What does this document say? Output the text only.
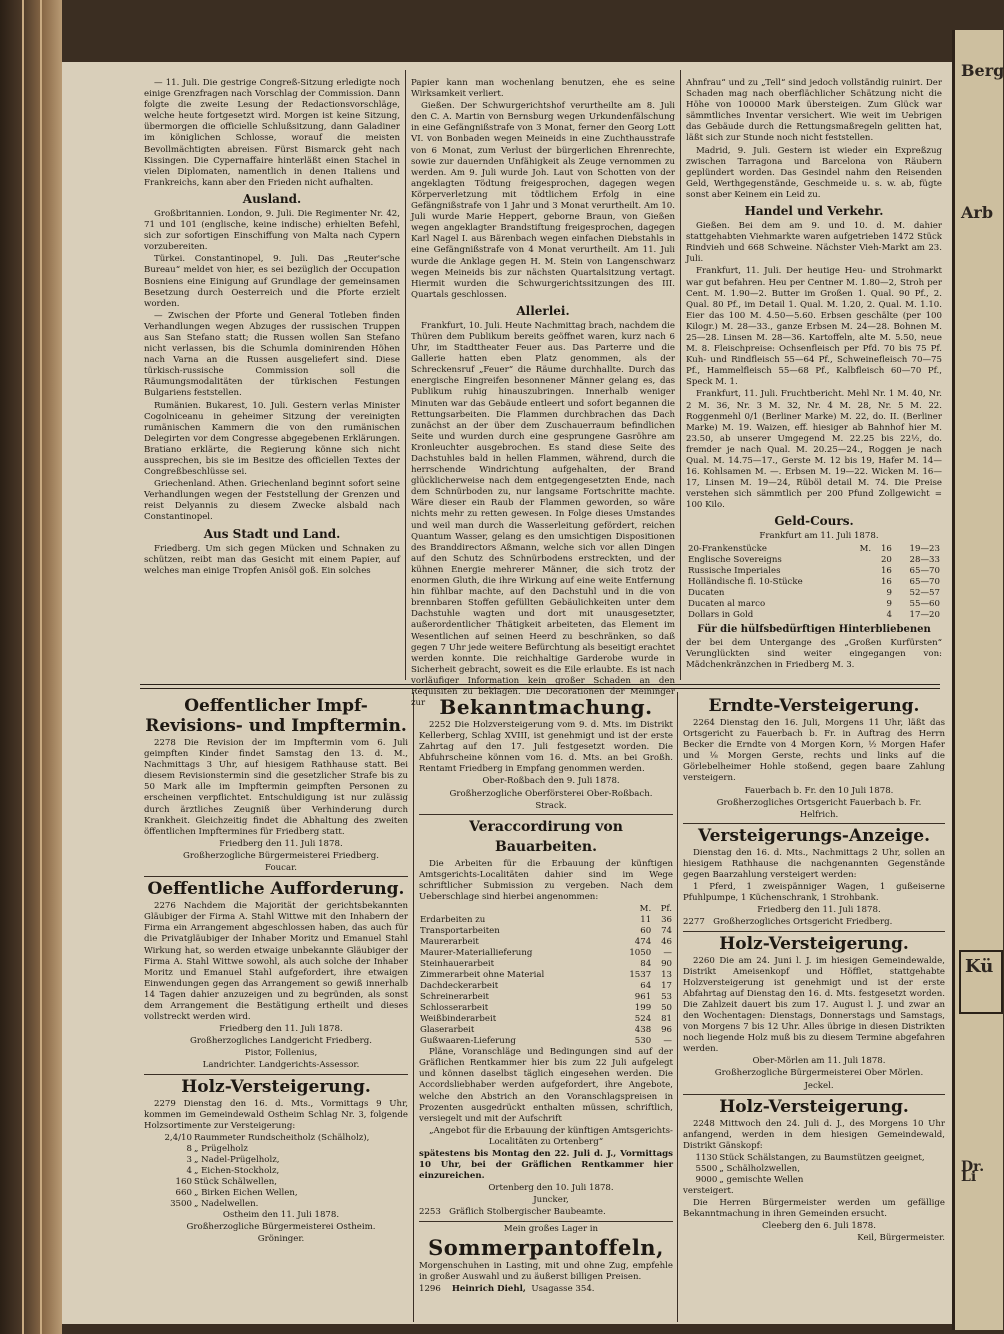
— 11. Juli. Die gestrige Congreß-Sitzung erledigte noch einige Grenzfragen nach Vorschlag der Commission. Dann folgte die zweite Lesung der Redactionsvorschläge, welche heute fortgesetzt wird. Morgen ist keine Sitzung, übermorgen die officielle Schlußsitzung, dann Galadiner im königlichen Schlosse, worauf die meisten Bevollmächtigten abreisen. Fürst Bismarck geht nach Kissingen. Die Cypernaffaire hinterläßt einen Stachel in vielen Diplomaten, namentlich in denen Italiens und Frankreichs, kann aber den Frieden nicht aufhalten.

Ausland.

Großbritannien. London, 9. Juli. Die Regimenter Nr. 42, 71 und 101 (englische, keine indische) erhielten Befehl, sich zur sofortigen Einschiffung von Malta nach Cypern vorzubereiten.

Türkei. Constantinopel, 9. Juli. Das „Reuter'sche Bureau“ meldet von hier, es sei bezüglich der Occupation Bosniens eine Einigung auf Grundlage der gemeinsamen Besetzung durch Oesterreich und die Pforte erzielt worden.

— Zwischen der Pforte und General Totleben finden Verhandlungen wegen Abzuges der russischen Truppen aus San Stefano statt; die Russen wollen San Stefano nicht verlassen, bis die Schumla dominirenden Höhen nach Varna an die Russen ausgeliefert sind. Diese türkisch-russische Commission soll die Räumungsmodalitäten der türkischen Festungen Bulgariens feststellen.

Rumänien. Bukarest, 10. Juli. Gestern verlas Minister Cogolniceanu in geheimer Sitzung der vereinigten rumänischen Kammern die von den rumänischen Delegirten vor dem Congresse abgegebenen Erklärungen. Bratiano erklärte, die Regierung könne sich nicht aussprechen, bis sie im Besitze des officiellen Textes der Congreßbeschlüsse sei.

Griechenland. Athen. Griechenland beginnt sofort seine Verhandlungen wegen der Feststellung der Grenzen und reist Delyannis zu diesem Zwecke alsbald nach Constantinopel.

Aus Stadt und Land.

Friedberg. Um sich gegen Mücken und Schnaken zu schützen, reibt man das Gesicht mit einem Papier, auf welches man einige Tropfen Anisöl goß. Ein solches

Papier kann man wochenlang benutzen, ehe es seine Wirksamkeit verliert.

Gießen. Der Schwurgerichtshof verurtheilte am 8. Juli den C. A. Martin von Bernsburg wegen Urkundenfälschung in eine Gefängnißstrafe von 3 Monat, ferner den Georg Lott VI. von Bonbaden wegen Meineids in eine Zuchthausstrafe von 6 Monat, zum Verlust der bürgerlichen Ehrenrechte, sowie zur dauernden Unfähigkeit als Zeuge vernommen zu werden. Am 9. Juli wurde Joh. Laut von Schotten von der angeklagten Tödtung freigesprochen, dagegen wegen Körperverletzung mit tödtlichem Erfolg in eine Gefängnißstrafe von 1 Jahr und 3 Monat verurtheilt. Am 10. Juli wurde Marie Heppert, geborne Braun, von Gießen wegen angeklagter Brandstiftung freigesprochen, dagegen Karl Nagel I. aus Bärenbach wegen einfachen Diebstahls in eine Gefängnißstrafe von 4 Monat verurtheilt. Am 11. Juli wurde die Anklage gegen H. M. Stein von Langenschwarz wegen Meineids bis zur nächsten Quartalsitzung vertagt. Hiermit wurden die Schwurgerichtssitzungen des III. Quartals geschlossen.

Allerlei.

Frankfurt, 10. Juli. Heute Nachmittag brach, nachdem die Thüren dem Publikum bereits geöffnet waren, kurz nach 6 Uhr, im Stadttheater Feuer aus. Das Parterre und die Gallerie hatten eben Platz genommen, als der Schreckensruf „Feuer“ die Räume durchhallte. Durch das energische Eingreifen besonnener Männer gelang es, das Publikum ruhig hinauszubringen. Innerhalb weniger Minuten war das Gebäude entleert und sofort begannen die Rettungsarbeiten. Die Flammen durchbrachen das Dach zunächst an der über dem Zuschauerraum befindlichen Seite und wurden durch eine gesprungene Gasröhre am Kronleuchter ausgebrochen. Es stand diese Seite des Dachstuhles bald in hellen Flammen, während, durch die herrschende Windrichtung aufgehalten, der Brand glücklicherweise nach dem entgegengesetzten Ende, nach dem Schnürboden zu, nur langsame Fortschritte machte. Wäre dieser ein Raub der Flammen geworden, so wäre nichts mehr zu retten gewesen. In Folge dieses Umstandes und weil man durch die Wasserleitung gefördert, reichen Quantum Wasser, gelang es den umsichtigen Dispositionen des Branddirectors Aßmann, welche sich vor allen Dingen auf den Schutz des Schnürbodens erstreckten, und der kühnen Energie mehrerer Männer, die sich trotz der enormen Gluth, die ihre Wirkung auf eine weite Entfernung hin fühlbar machte, auf den Dachstuhl und in die von brennbaren Stoffen gefüllten Gebäulichkeiten unter dem Dachstuhle wagten und dort mit unausgesetzter, außerordentlicher Thätigkeit arbeiteten, das Element im Wesentlichen auf seinen Heerd zu beschränken, so daß gegen 7 Uhr jede weitere Befürchtung als beseitigt erachtet werden konnte. Die reichhaltige Garderobe wurde in Sicherheit gebracht, soweit es die Eile erlaubte. Es ist nach vorläufiger Information kein großer Schaden an den Requisiten zu beklagen. Die Decorationen der Meininger zur

Ahnfrau“ und zu „Tell“ sind jedoch vollständig ruinirt. Der Schaden mag nach oberflächlicher Schätzung nicht die Höhe von 100000 Mark übersteigen. Zum Glück war sämmtliches Inventar versichert. Wie weit im Uebrigen das Gebäude durch die Rettungsmaßregeln gelitten hat, läßt sich zur Stunde noch nicht feststellen.

Madrid, 9. Juli. Gestern ist wieder ein Expreßzug zwischen Tarragona und Barcelona von Räubern geplündert worden. Das Gesindel nahm den Reisenden Geld, Werthgegenstände, Geschmeide u. s. w. ab, fügte sonst aber Keinem ein Leid zu.

Handel und Verkehr.

Gießen. Bei dem am 9. und 10. d. M. dahier stattgehabten Viehmarkte waren aufgetrieben 1472 Stück Rindvieh und 668 Schweine. Nächster Vieh-Markt am 23. Juli.

Frankfurt, 11. Juli. Der heutige Heu- und Strohmarkt war gut befahren. Heu per Centner M. 1.80—2, Stroh per Cent. M. 1.90—2. Butter im Großen 1. Qual. 90 Pf., 2. Qual. 80 Pf., im Detail 1. Qual. M. 1.20, 2. Qual. M. 1.10. Eier das 100 M. 4.50—5.60. Erbsen geschälte (per 100 Kilogr.) M. 28—33., ganze Erbsen M. 24—28. Bohnen M. 25—28. Linsen M. 28—36. Kartoffeln, alte M. 5.50, neue M. 8. Fleischpreise: Ochsenfleisch per Pfd. 70 bis 75 Pf. Kuh- und Rindfleisch 55—64 Pf., Schweinefleisch 70—75 Pf., Hammelfleisch 55—68 Pf., Kalbfleisch 60—70 Pf., Speck M. 1.

Frankfurt, 11. Juli. Fruchtbericht. Mehl Nr. 1 M. 40, Nr. 2 M. 36, Nr. 3 M. 32, Nr. 4 M. 28, Nr. 5 M. 22. Roggenmehl 0/1 (Berliner Marke) M. 22, do. II. (Berliner Marke) M. 19. Waizen, eff. hiesiger ab Bahnhof hier M. 23.50, ab unserer Umgegend M. 22.25 bis 22½, do. fremder je nach Qual. M. 20.25—24., Roggen je nach Qual. M. 14.75—17., Gerste M. 12 bis 19, Hafer M. 14—16. Kohlsamen M. —. Erbsen M. 19—22. Wicken M. 16—17, Linsen M. 19—24, Rüböl detail M. 74. Die Preise verstehen sich sämmtlich per 200 Pfund Zollgewicht = 100 Kilo.

Geld-Cours.

Frankfurt am 11. Juli 1878.

20-Frankenstücke	M.	16	19—23
Englische Sovereigns		20	28—33
Russische Imperiales		16	65—70
Holländische fl. 10-Stücke		16	65—70
Ducaten		9	52—57
Ducaten al marco		9	55—60
Dollars in Gold		4	17—20
Für die hülfsbedürftigen Hinterbliebenen

der bei dem Untergange des „Großen Kurfürsten“ Verunglückten sind weiter eingegangen von: Mädchenkränzchen in Friedberg M. 3.

Oeffentlicher Impf-Revisions- und Impftermin.

2278 Die Revision der im Impftermin vom 6. Juli geimpften Kinder findet Samstag den 13. d. M., Nachmittags 3 Uhr, auf hiesigem Rathhause statt. Bei diesem Revisionstermin sind die gesetzlicher Strafe bis zu 50 Mark alle im Impftermin geimpften Personen zu erscheinen verpflichtet. Entschuldigung ist nur zulässig durch ärztliches Zeugniß über Verhinderung durch Krankheit. Gleichzeitig findet die Abhaltung des zweiten öffentlichen Impftermines für Friedberg statt.

Friedberg den 11. Juli 1878.

Großherzogliche Bürgermeisterei Friedberg.

Foucar.

Oeffentliche Aufforderung.

2276 Nachdem die Majorität der gerichtsbekannten Gläubiger der Firma A. Stahl Wittwe mit den Inhabern der Firma ein Arrangement abgeschlossen haben, das auch für die Privatgläubiger der Inhaber Moritz und Emanuel Stahl Wirkung hat, so werden etwaige unbekannte Gläubiger der Firma A. Stahl Wittwe sowohl, als auch solche der Inhaber Moritz und Emanuel Stahl aufgefordert, ihre etwaigen Einwendungen gegen das Arrangement so gewiß innerhalb 14 Tagen dahier anzuzeigen und zu begründen, als sonst dem Arrangement die Bestätigung ertheilt und dieses vollstreckt werden wird.

Friedberg den 11. Juli 1878.

Großherzogliches Landgericht Friedberg.

Pistor, Follenius,

Landrichter. Landgerichts-Assessor.

Holz-Versteigerung.

2279 Dienstag den 16. d. Mts., Vormittags 9 Uhr, kommen im Gemeindewald Ostheim Schlag Nr. 3, folgende Holzsortimente zur Versteigerung:

2,4/10	Raummeter Rundscheitholz (Schälholz),
8	„ Prügelholz
3	„ Nadel-Prügelholz,
4	„ Eichen-Stockholz,
160	Stück Schälwellen,
660	„ Birken Eichen Wellen,
3500	„ Nadelwellen.

Ostheim den 11. Juli 1878.

Großherzogliche Bürgermeisterei Ostheim.

Gröninger.

Bekanntmachung.

2252 Die Holzversteigerung vom 9. d. Mts. im Distrikt Kellerberg, Schlag XVIII, ist genehmigt und ist der erste Zahrtag auf den 17. Juli festgesetzt worden. Die Abfuhrscheine können vom 16. d. Mts. an bei Großh. Rentamt Friedberg in Empfang genommen werden.

Ober-Roßbach den 9. Juli 1878.

Großherzogliche Oberförsterei Ober-Roßbach.

Strack.

Veraccordirung von Bauarbeiten.

Die Arbeiten für die Erbauung der künftigen Amtsgerichts-Localitäten dahier sind im Wege schriftlicher Submission zu vergeben. Nach dem Ueberschlage sind hierbei angenommen:

	M.	Pf.
Erdarbeiten zu	11	36
Transportarbeiten	60	74
Maurerarbeit	474	46
Maurer-Materiallieferung	1050	—
Steinhauerarbeit	84	90
Zimmerarbeit ohne Material	1537	13
Dachdeckerarbeit	64	17
Schreinerarbeit	961	53
Schlosserarbeit	199	50
Weißbinderarbeit	524	81
Glaserarbeit	438	96
Gußwaaren-Lieferung	530	—

Pläne, Voranschläge und Bedingungen sind auf der Gräflichen Rentkammer hier bis zum 22 Juli aufgelegt und können daselbst täglich eingesehen werden. Die Accordsliebhaber werden aufgefordert, ihre Angebote, welche den Abstrich an den Voranschlagspreisen in Prozenten ausgedrückt enthalten müssen, schriftlich, versiegelt und mit der Aufschrift

„Angebot für die Erbauung der künftigen Amtsgerichts-Localitäten zu Ortenberg“

spätestens bis Montag den 22. Juli d. J., Vormittags 10 Uhr, bei der Gräflichen Rentkammer hier einzureichen.

Ortenberg den 10. Juli 1878.

Juncker,

2253 Gräflich Stolbergischer Baubeamte.

Mein großes Lager in

Sommerpantoffeln,

Morgenschuhen in Lasting, mit und ohne Zug, empfehle in großer Auswahl und zu äußerst billigen Preisen.

1296 Heinrich Diehl, Usagasse 354.

Erndte-Versteigerung.

2264 Dienstag den 16. Juli, Morgens 11 Uhr, läßt das Ortsgericht zu Fauerbach b. Fr. in Auftrag des Herrn Becker die Erndte von 4 Morgen Korn, ½ Morgen Hafer und ⅛ Morgen Gerste, rechts und links auf die Görlebelheimer Hohle stoßend, gegen baare Zahlung versteigern.

Fauerbach b. Fr. den 10 Juli 1878.

Großherzogliches Ortsgericht Fauerbach b. Fr.

Helfrich.

Versteigerungs-Anzeige.

Dienstag den 16. d. Mts., Nachmittags 2 Uhr, sollen an hiesigem Rathhause die nachgenannten Gegenstände gegen Baarzahlung versteigert werden:

1 Pferd, 1 zweispänniger Wagen, 1 gußeiserne Pfuhlpumpe, 1 Küchenschrank, 1 Strohbank.

Friedberg den 11. Juli 1878.

2277 Großherzogliches Ortsgericht Friedberg.

Holz-Versteigerung.

2260 Die am 24. Juni l. J. im hiesigen Gemeindewalde, Distrikt Ameisenkopf und Höfflet, stattgehabte Holzversteigerung ist genehmigt und ist der erste Abfahrtag auf Dienstag den 16. d. Mts. festgesetzt worden. Die Zahlzeit dauert bis zum 17. August l. J. und zwar an den Wochentagen: Dienstags, Donnerstags und Samstags, von Morgens 7 bis 12 Uhr. Alles übrige in diesen Distrikten noch liegende Holz muß bis zu diesem Termine abgefahren werden.

Ober-Mörlen am 11. Juli 1878.

Großherzogliche Bürgermeisterei Ober Mörlen.

Jeckel.

Holz-Versteigerung.

2248 Mittwoch den 24. Juli d. J., des Morgens 10 Uhr anfangend, werden in dem hiesigen Gemeindewald, Distrikt Gänskopf:

1130	Stück Schälstangen, zu Baumstützen geeignet,
5500	„ Schälholzwellen,
9000	„ gemischte Wellen

versteigert.

Die Herren Bürgermeister werden um gefällige Bekanntmachung in ihren Gemeinden ersucht.

Cleeberg den 6. Juli 1878.

Keil, Bürgermeister.

Berg
Arb
Kü
Dr. Li
